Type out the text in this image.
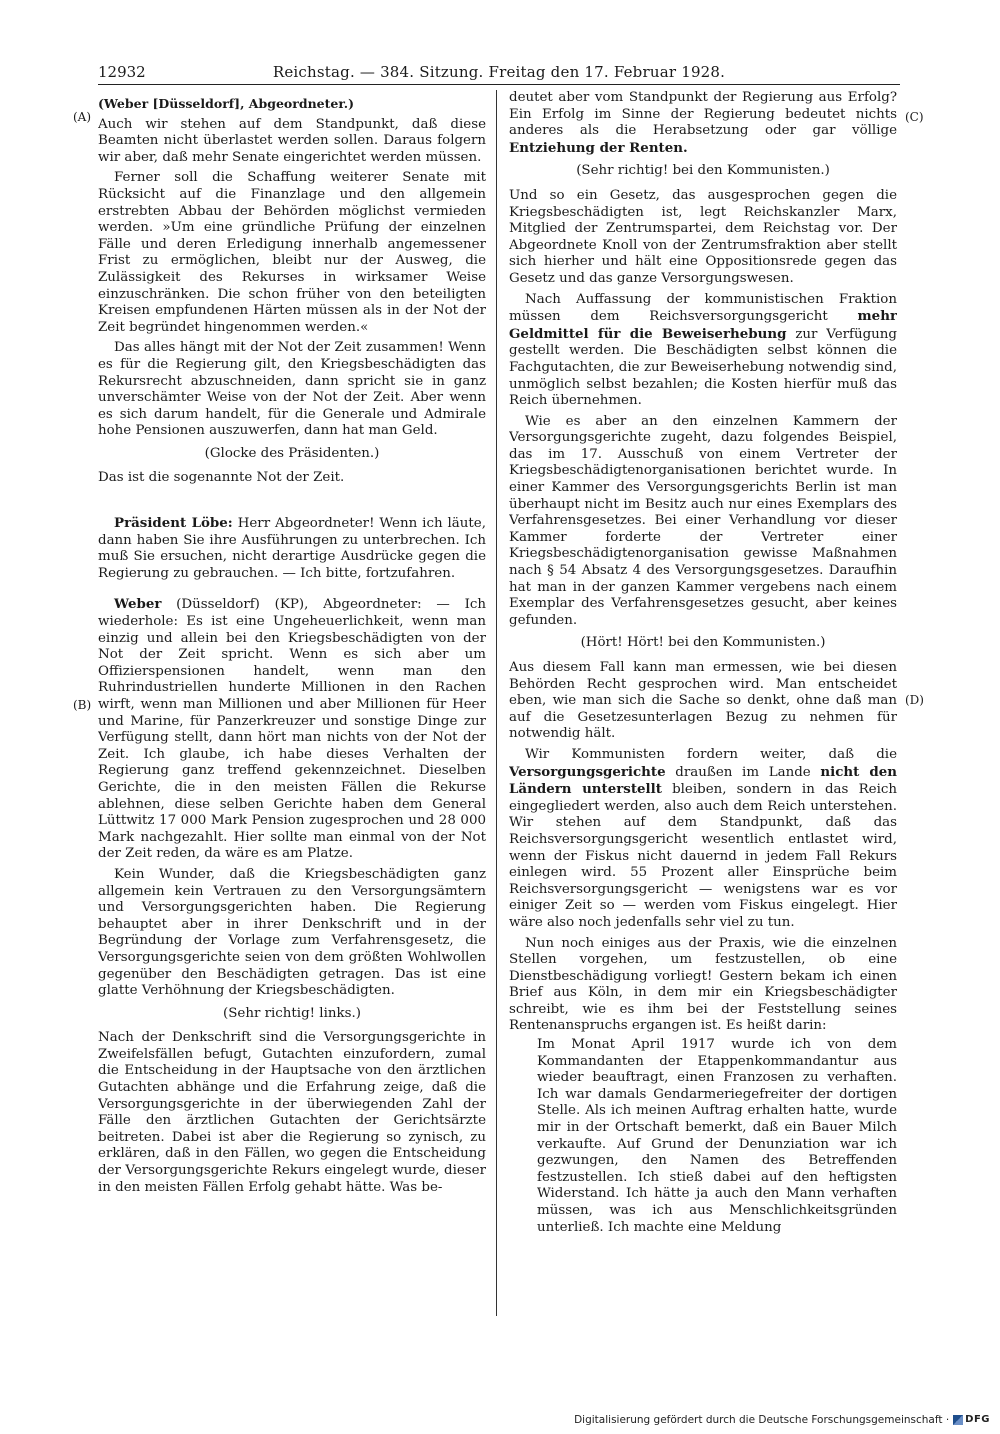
12932	Reichstag. — 384. Sitzung. Freitag den 17. Februar 1928.
(A)
(B)
(C)
(D)

(Weber [Düsseldorf], Abgeordneter.)

Auch wir stehen auf dem Standpunkt, daß diese Beamten nicht überlastet werden sollen. Daraus folgern wir aber, daß mehr Senate eingerichtet werden müssen.

Ferner soll die Schaffung weiterer Senate mit Rücksicht auf die Finanzlage und den allgemein erstrebten Abbau der Behörden möglichst vermieden werden. »Um eine gründliche Prüfung der einzelnen Fälle und deren Erledigung innerhalb angemessener Frist zu ermöglichen, bleibt nur der Ausweg, die Zulässigkeit des Rekurses in wirksamer Weise einzuschränken. Die schon früher von den beteiligten Kreisen empfundenen Härten müssen als in der Not der Zeit begründet hingenommen werden.«

Das alles hängt mit der Not der Zeit zusammen! Wenn es für die Regierung gilt, den Kriegsbeschädigten das Rekursrecht abzuschneiden, dann spricht sie in ganz unverschämter Weise von der Not der Zeit. Aber wenn es sich darum handelt, für die Generale und Admirale hohe Pensionen auszuwerfen, dann hat man Geld.

(Glocke des Präsidenten.)

Das ist die sogenannte Not der Zeit.

Präsident Löbe: Herr Abgeordneter! Wenn ich läute, dann haben Sie ihre Ausführungen zu unterbrechen. Ich muß Sie ersuchen, nicht derartige Ausdrücke gegen die Regierung zu gebrauchen. — Ich bitte, fortzufahren.

Weber (Düsseldorf) (KP), Abgeordneter: — Ich wiederhole: Es ist eine Ungeheuerlichkeit, wenn man einzig und allein bei den Kriegsbeschädigten von der Not der Zeit spricht. Wenn es sich aber um Offizierspensionen handelt, wenn man den Ruhrindustriellen hunderte Millionen in den Rachen wirft, wenn man Millionen und aber Millionen für Heer und Marine, für Panzerkreuzer und sonstige Dinge zur Verfügung stellt, dann hört man nichts von der Not der Zeit. Ich glaube, ich habe dieses Verhalten der Regierung ganz treffend gekennzeichnet. Dieselben Gerichte, die in den meisten Fällen die Rekurse ablehnen, diese selben Gerichte haben dem General Lüttwitz 17 000 Mark Pension zugesprochen und 28 000 Mark nachgezahlt. Hier sollte man einmal von der Not der Zeit reden, da wäre es am Platze.

Kein Wunder, daß die Kriegsbeschädigten ganz allgemein kein Vertrauen zu den Versorgungsämtern und Versorgungsgerichten haben. Die Regierung behauptet aber in ihrer Denkschrift und in der Begründung der Vorlage zum Verfahrensgesetz, die Versorgungsgerichte seien von dem größten Wohlwollen gegenüber den Beschädigten getragen. Das ist eine glatte Verhöhnung der Kriegsbeschädigten.

(Sehr richtig! links.)

Nach der Denkschrift sind die Versorgungsgerichte in Zweifelsfällen befugt, Gutachten einzufordern, zumal die Entscheidung in der Hauptsache von den ärztlichen Gutachten abhänge und die Erfahrung zeige, daß die Versorgungsgerichte in der überwiegenden Zahl der Fälle den ärztlichen Gutachten der Gerichtsärzte beitreten. Dabei ist aber die Regierung so zynisch, zu erklären, daß in den Fällen, wo gegen die Entscheidung der Versorgungsgerichte Rekurs eingelegt wurde, dieser in den meisten Fällen Erfolg gehabt hätte. Was be-

deutet aber vom Standpunkt der Regierung aus Erfolg? Ein Erfolg im Sinne der Regierung bedeutet nichts anderes als die Herabsetzung oder gar völlige Entziehung der Renten.

(Sehr richtig! bei den Kommunisten.)

Und so ein Gesetz, das ausgesprochen gegen die Kriegsbeschädigten ist, legt Reichskanzler Marx, Mitglied der Zentrumspartei, dem Reichstag vor. Der Abgeordnete Knoll von der Zentrumsfraktion aber stellt sich hierher und hält eine Oppositionsrede gegen das Gesetz und das ganze Versorgungswesen.

Nach Auffassung der kommunistischen Fraktion müssen dem Reichsversorgungsgericht mehr Geldmittel für die Beweiserhebung zur Verfügung gestellt werden. Die Beschädigten selbst können die Fachgutachten, die zur Beweiserhebung notwendig sind, unmöglich selbst bezahlen; die Kosten hierfür muß das Reich übernehmen.

Wie es aber an den einzelnen Kammern der Versorgungsgerichte zugeht, dazu folgendes Beispiel, das im 17. Ausschuß von einem Vertreter der Kriegsbeschädigtenorganisationen berichtet wurde. In einer Kammer des Versorgungsgerichts Berlin ist man überhaupt nicht im Besitz auch nur eines Exemplars des Verfahrensgesetzes. Bei einer Verhandlung vor dieser Kammer forderte der Vertreter einer Kriegsbeschädigtenorganisation gewisse Maßnahmen nach § 54 Absatz 4 des Versorgungsgesetzes. Daraufhin hat man in der ganzen Kammer vergebens nach einem Exemplar des Verfahrensgesetzes gesucht, aber keines gefunden.

(Hört! Hört! bei den Kommunisten.)

Aus diesem Fall kann man ermessen, wie bei diesen Behörden Recht gesprochen wird. Man entscheidet eben, wie man sich die Sache so denkt, ohne daß man auf die Gesetzesunterlagen Bezug zu nehmen für notwendig hält.

Wir Kommunisten fordern weiter, daß die Versorgungsgerichte draußen im Lande nicht den Ländern unterstellt bleiben, sondern in das Reich eingegliedert werden, also auch dem Reich unterstehen. Wir stehen auf dem Standpunkt, daß das Reichsversorgungsgericht wesentlich entlastet wird, wenn der Fiskus nicht dauernd in jedem Fall Rekurs einlegen wird. 55 Prozent aller Einsprüche beim Reichsversorgungsgericht — wenigstens war es vor einiger Zeit so — werden vom Fiskus eingelegt. Hier wäre also noch jedenfalls sehr viel zu tun.

Nun noch einiges aus der Praxis, wie die einzelnen Stellen vorgehen, um festzustellen, ob eine Dienstbeschädigung vorliegt! Gestern bekam ich einen Brief aus Köln, in dem mir ein Kriegsbeschädigter schreibt, wie es ihm bei der Feststellung seines Rentenanspruchs ergangen ist. Es heißt darin:

Im Monat April 1917 wurde ich von dem Kommandanten der Etappenkommandantur aus wieder beauftragt, einen Franzosen zu verhaften. Ich war damals Gendarmeriegefreiter der dortigen Stelle. Als ich meinen Auftrag erhalten hatte, wurde mir in der Ortschaft bemerkt, daß ein Bauer Milch verkaufte. Auf Grund der Denunziation war ich gezwungen, den Namen des Betreffenden festzustellen. Ich stieß dabei auf den heftigsten Widerstand. Ich hätte ja auch den Mann verhaften müssen, was ich aus Menschlichkeitsgründen unterließ. Ich machte eine Meldung

Digitalisierung gefördert durch die Deutsche Forschungsgemeinschaft · DFG
